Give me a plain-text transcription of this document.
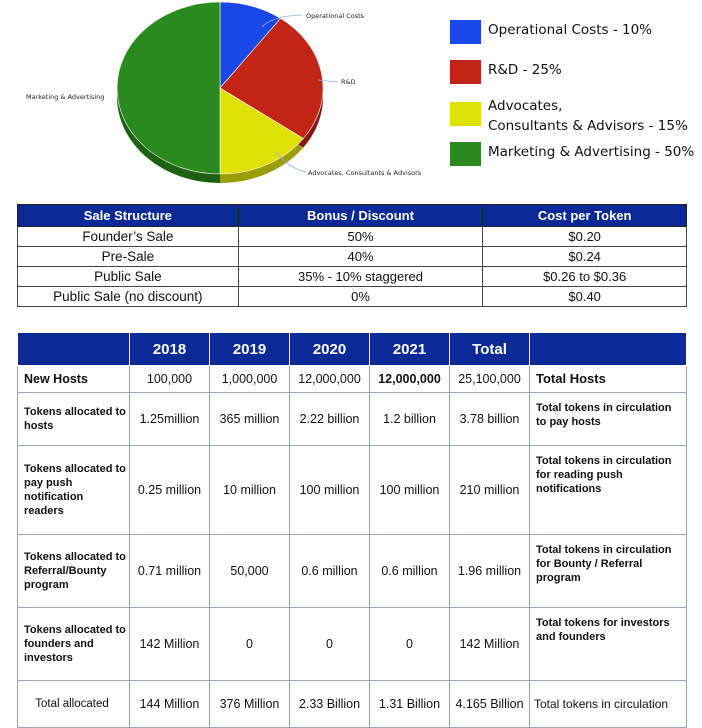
Operational Costs
R&D
Advocates, Consultants & Advisors
Marketing & Advertising
Operational Costs - 10%
R&D - 25%
Advocates,
Consultants & Advisors - 15%
Marketing & Advertising - 50%
Sale Structure	Bonus / Discount	Cost per Token
Founder’s Sale	50%	$0.20
Pre-Sale	40%	$0.24
Public Sale	35% - 10% staggered	$0.26 to $0.36
Public Sale (no discount)	0%	$0.40
	2018	2019	2020	2021	Total	
New Hosts	100,000	1,000,000	12,000,000	12,000,000	25,100,000	Total Hosts
Tokens allocated to hosts	1.25million	365 million	2.22 billion	1.2 billion	3.78 billion	Total tokens in circulation to pay hosts
Tokens allocated to pay push notification readers	0.25 million	10 million	100 million	100 million	210 million	Total tokens in circulation for reading push notifications
Tokens allocated to Referral/Bounty program	0.71 million	50,000	0.6 million	0.6 million	1.96 million	Total tokens in circulation for Bounty / Referral program
Tokens allocated to founders and investors	142 Million	0	0	0	142 Million	Total tokens for investors and founders
Total allocated	144 Million	376 Million	2.33 Billion	1.31 Billion	4.165 Billion	Total tokens in circulation
